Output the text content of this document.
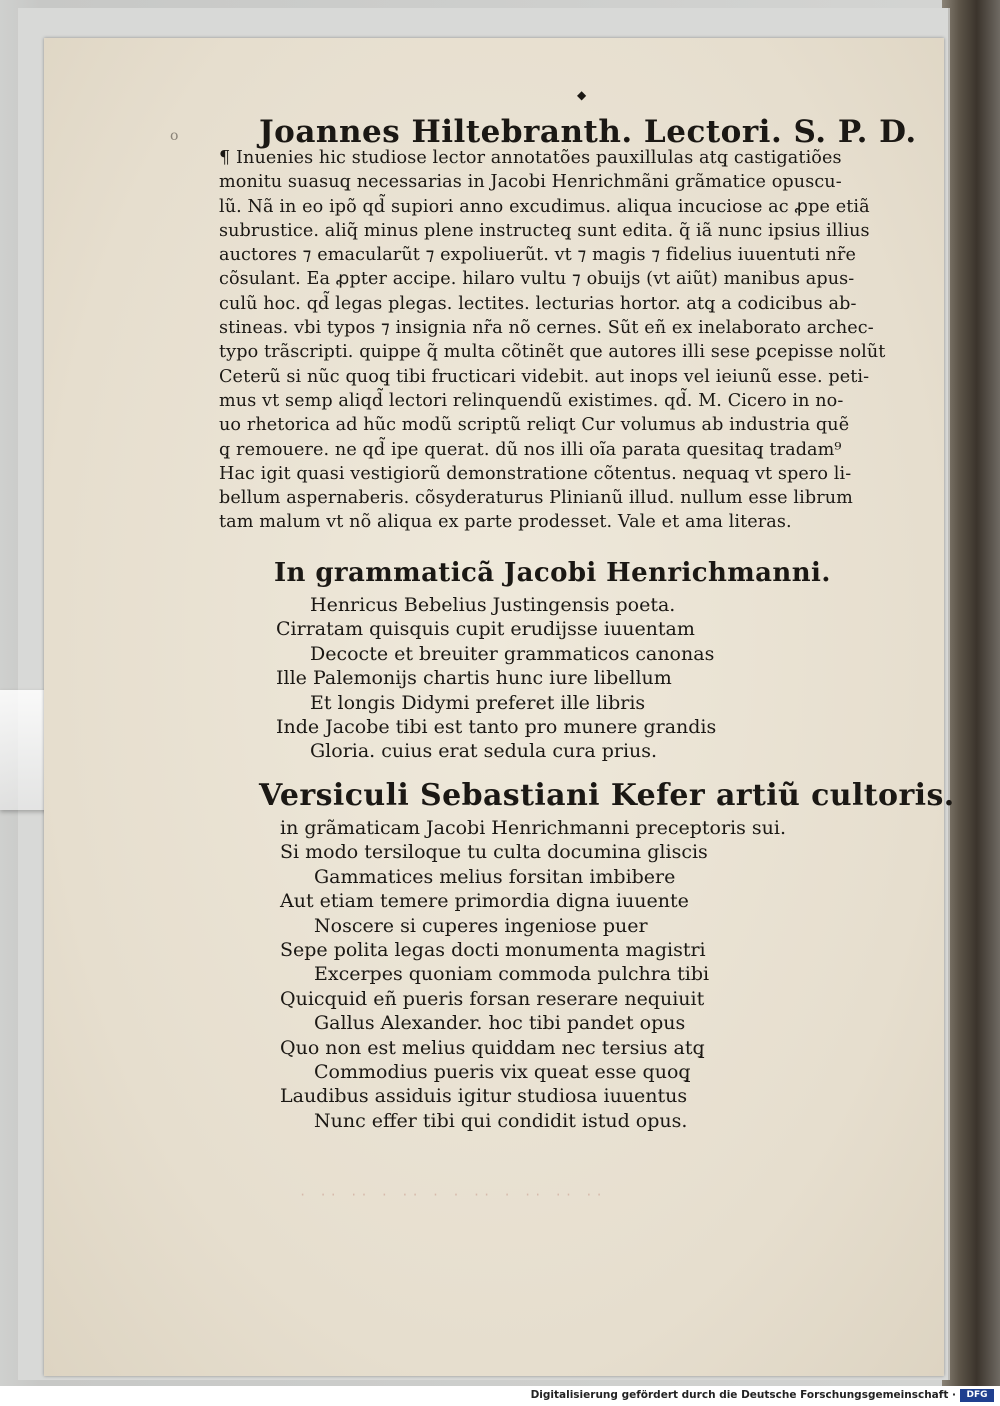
o
◆
Joannes Hiltebranth. Lectori. S. P. D.
¶ Inuenies hic studiose lector annotatões pauxillulas atq̧ castigatiões
monitu suasuq̧ necessarias in Jacobi Henrichmãni grãmatice opuscu-
lũ. Nã in eo ipõ qd̃ supiori anno excudimus. aliqua incuciose ac ꝓpe etiã
subrustice. aliq̃ minus plene instructeq̧ sunt edita. q̃ iã nunc ipsius illius
auctores ⁊ emacularũt ⁊ expoliuerũt. vt ⁊ magis ⁊ fidelius iuuentuti nr̃e
cõsulant. Ea ꝓpter accipe. hilaro vultu ⁊ obuijs (vt aiũt) manibus apus-
culũ hoc. qd̃ legas plegas. lectites. lecturias hortor. atq̧ a codicibus ab-
stineas. vbi typos ⁊ insignia nr̃a nõ cernes. Sũt eñ ex inelaborato archec-
typo trãscripti. quippe q̃ multa cõtinẽt que autores illi sese ꝑcepisse nolũt
Ceterũ si nũc quoq̧ tibi fructicari videbit. aut inops vel ieiunũ esse. peti-
mus vt semp aliqd̃ lectori relinquendũ existimes. qd̃. M. Cicero in no-
uo rhetorica ad hũc modũ scriptũ reliqt Cur volumus ab industria quẽ
q̧ remouere. ne qd̃ ipe querat. dũ nos illi oĩa parata quesitaq̧ tradam⁹
Hac igit quasi vestigiorũ demonstratione cõtentus. nequaq̧ vt spero li-
bellum aspernaberis. cõsyderaturus Plinianũ illud. nullum esse librum
tam malum vt nõ aliqua ex parte prodesset. Vale et ama literas.
In grammaticã Jacobi Henrichmanni.
Henricus Bebelius Justingensis poeta.
Cirratam quisquis cupit erudijsse iuuentam
Decocte et breuiter grammaticos canonas
Ille Palemonijs chartis hunc iure libellum
Et longis Didymi preferet ille libris
Inde Jacobe tibi est tanto pro munere grandis
Gloria. cuius erat sedula cura prius.
Versiculi Sebastiani Kefer artiũ cultoris.
in grãmaticam Jacobi Henrichmanni preceptoris sui.
Si modo tersiloque tu culta documina gliscis
Gammatices melius forsitan imbibere
Aut etiam temere primordia digna iuuente
Noscere si cuperes ingeniose puer
Sepe polita legas docti monumenta magistri
Excerpes quoniam commoda pulchra tibi
Quicquid eñ pueris forsan reserare nequiuit
Gallus Alexander. hoc tibi pandet opus
Quo non est melius quiddam nec tersius atq̧
Commodius pueris vix queat esse quoq̧
Laudibus assiduis igitur studiosa iuuentus
Nunc effer tibi qui condidit istud opus.
· ·· ·· · ·· · · ·· · ·· ·· ··
Digitalisierung gefördert durch die Deutsche Forschungsgemeinschaft ·	DFG
